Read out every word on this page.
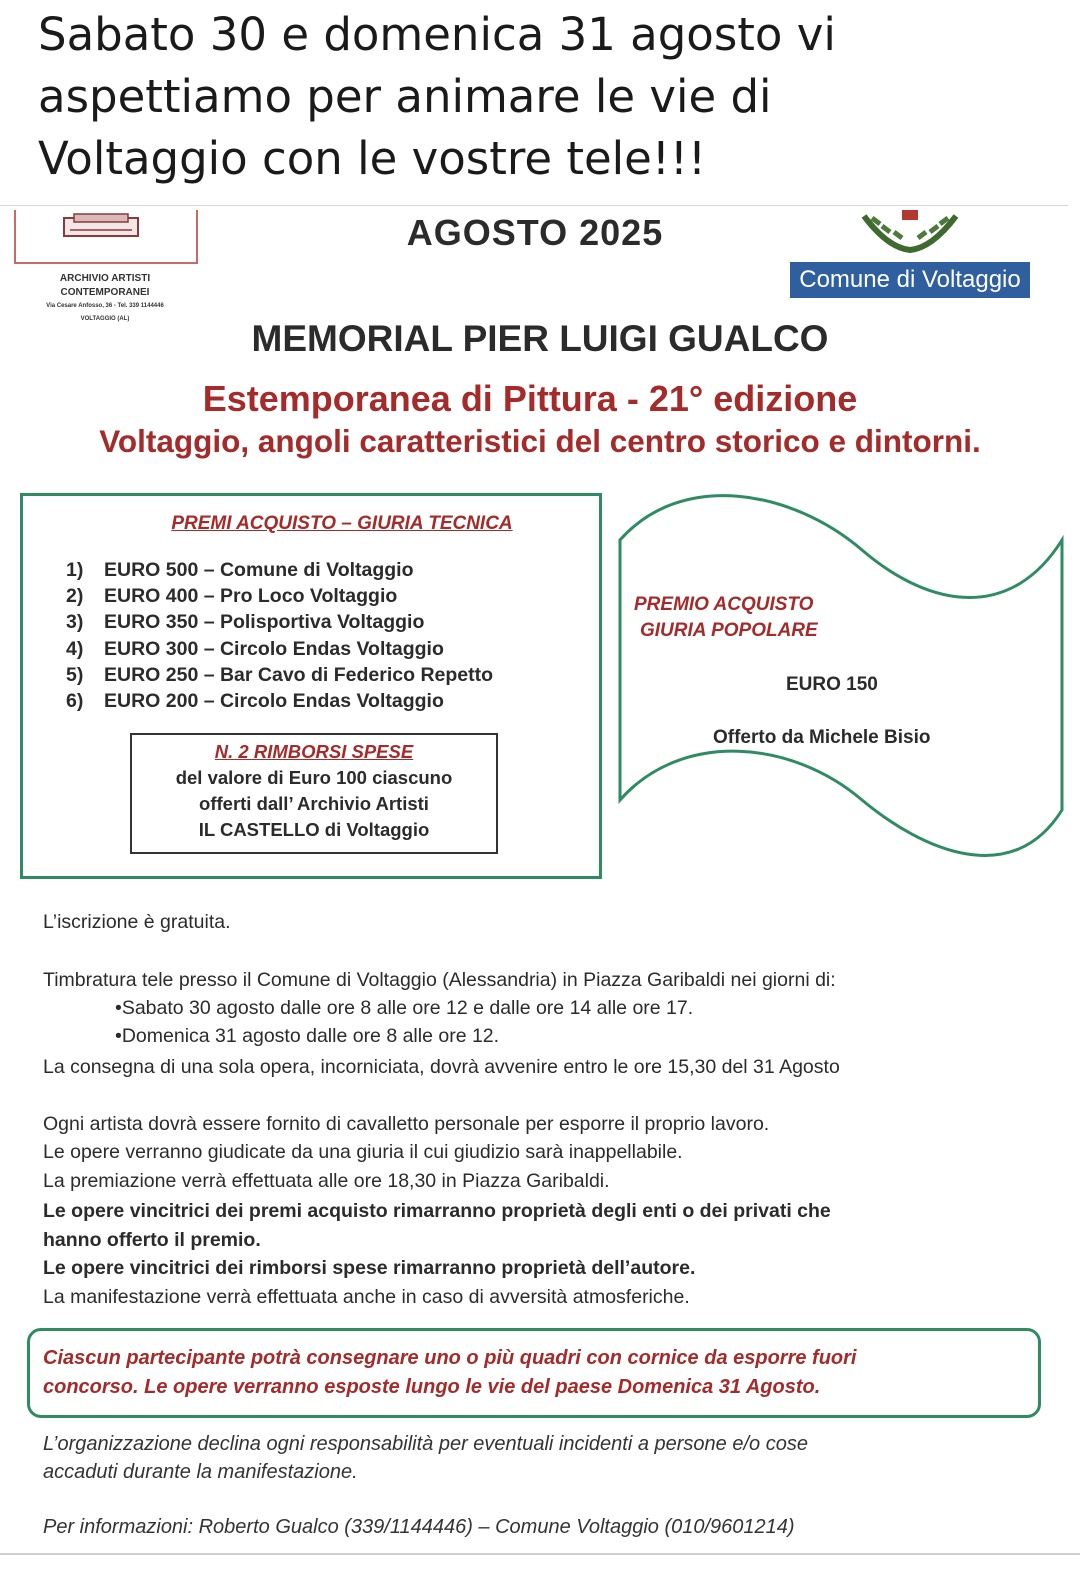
Sabato 30 e domenica 31 agosto vi
aspettiamo per animare le vie di
Voltaggio con le vostre tele!!!
ARCHIVIO ARTISTI
CONTEMPORANEI
Via Cesare Anfosso, 36 - Tel. 339 1144446
VOLTAGGIO (AL)
AGOSTO 2025
Comune di Voltaggio
MEMORIAL PIER LUIGI GUALCO
Estemporanea di Pittura - 21° edizione
Voltaggio, angoli caratteristici del centro storico e dintorni.
PREMI ACQUISTO – GIURIA TECNICA
1) EURO 500 – Comune di Voltaggio
2) EURO 400 – Pro Loco Voltaggio
3) EURO 350 – Polisportiva Voltaggio
4) EURO 300 – Circolo Endas Voltaggio
5) EURO 250 – Bar Cavo di Federico Repetto
6) EURO 200 – Circolo Endas Voltaggio
N. 2 RIMBORSI SPESE
del valore di Euro 100 ciascuno
offerti dall’ Archivio Artisti
IL CASTELLO di Voltaggio
PREMIO ACQUISTO
GIURIA POPOLARE
EURO 150
Offerto da Michele Bisio
L’iscrizione è gratuita.
Timbratura tele presso il Comune di Voltaggio (Alessandria) in Piazza Garibaldi nei giorni di:
•Sabato 30 agosto dalle ore 8 alle ore 12 e dalle ore 14 alle ore 17.
•Domenica 31 agosto dalle ore 8 alle ore 12.
La consegna di una sola opera, incorniciata, dovrà avvenire entro le ore 15,30 del 31 Agosto
Ogni artista dovrà essere fornito di cavalletto personale per esporre il proprio lavoro.
Le opere verranno giudicate da una giuria il cui giudizio sarà inappellabile.
La premiazione verrà effettuata alle ore 18,30 in Piazza Garibaldi.
Le opere vincitrici dei premi acquisto rimarranno proprietà degli enti o dei privati che
hanno offerto il premio.
Le opere vincitrici dei rimborsi spese rimarranno proprietà dell’autore.
La manifestazione verrà effettuata anche in caso di avversità atmosferiche.
Ciascun partecipante potrà consegnare uno o più quadri con cornice da esporre fuori
concorso. Le opere verranno esposte lungo le vie del paese Domenica 31 Agosto.
L’organizzazione declina ogni responsabilità per eventuali incidenti a persone e/o cose
accaduti durante la manifestazione.
Per informazioni: Roberto Gualco (339/1144446) – Comune Voltaggio (010/9601214)
